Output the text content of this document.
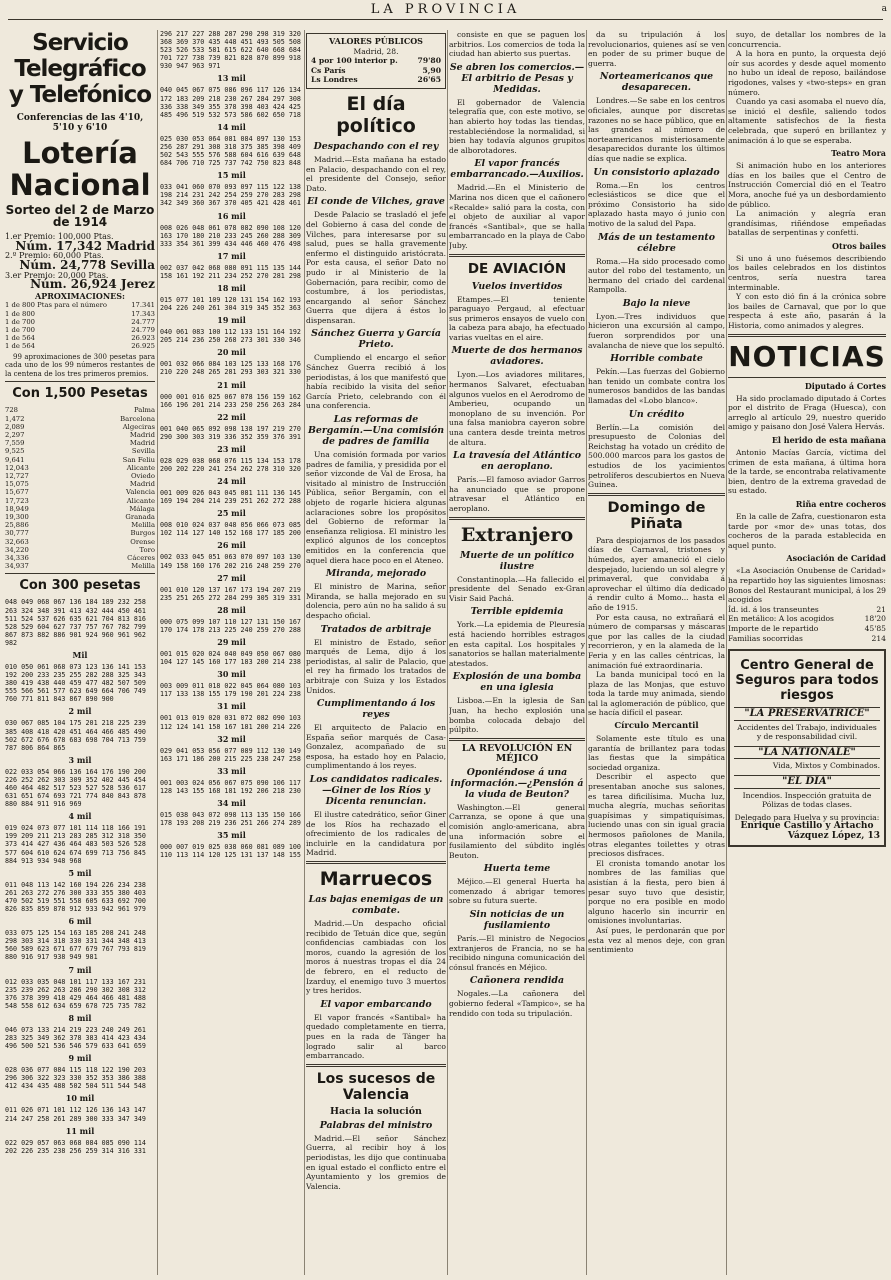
LA PROVINCIA	a
Servicio Telegráfico y Telefónico
Conferencias de las 4'10, 5'10 y 6'10
Lotería Nacional
Sorteo del 2 de Marzo de 1914
1.er Premio: 100,000 Ptas.
Núm. 17,342 Madrid
2.º Premio: 60,000 Ptas.
Núm. 24,778 Sevilla
3.er Premio: 20,000 Ptas.
Núm. 26,924 Jerez
APROXIMACIONES:
1 de 800 Ptas para el número	17.341
1 de 800	17.343
1 de 700	24.777
1 de 700	24.779
1 de 564	26.923
1 de 564	26.925

99 aproximaciones de 300 pesetas para cada uno de los 99 números restantes de la centena de los tres primeros premios.

Con 1,500 Pesetas
728	Palma
1,472	Barcelona
2,089	Algeciras
2,297	Madrid
7,559	Madrid
9,525	Sevilla
9,641	San Feliu
12,043	Alicante
12,727	Oviedo
15,075	Madrid
15,677	Valencia
17,723	Alicante
18,949	Málaga
19,300	Granada
25,886	Melilla
30,777	Burgos
32,663	Orense
34,220	Toro
34,336	Cáceres
34,937	Melilla
Con 300 pesetas
048 049 068 067 136 184 189 232 258
263 324 348 391 413 432 444 450 461
511 524 537 626 635 621 704 813 816
528 529 604 627 737 757 767 782 799
867 873 882 886 901 924 960 961 962
982
Mil
010 050 061 068 073 123 136 141 153
192 200 233 235 255 282 288 325 343
380 419 438 440 459 477 482 507 509
555 566 561 577 623 649 664 706 749
760 771 811 843 867 890 900
2 mil
030 067 085 104 175 201 218 225 239
385 408 418 420 451 464 466 485 490
502 672 676 678 683 698 704 713 759
787 806 864 865
3 mil
022 033 054 066 136 164 176 190 200
226 252 262 303 309 352 402 445 454
460 464 482 517 523 527 528 536 617
631 651 674 693 721 774 840 843 878
880 884 911 916 969
4 mil
019 024 073 077 101 114 118 166 191
199 209 211 213 283 285 312 318 350
373 414 427 436 464 483 503 526 528
577 604 610 624 674 699 713 756 845
884 913 934 948 968
5 mil
011 048 113 142 160 194 226 234 238
261 263 272 276 300 333 355 380 403
470 502 519 551 558 605 633 692 700
826 835 859 878 912 933 942 961 979
6 mil
033 075 125 154 163 185 208 241 248
298 303 314 318 330 331 344 348 413
560 589 623 671 677 679 767 793 819
880 916 917 938 949 981
7 mil
012 033 035 048 101 117 133 167 231
235 239 262 263 286 290 302 308 312
376 378 399 418 429 464 466 481 488
548 558 612 634 659 678 725 735 782
8 mil
046 073 133 214 219 223 240 249 261
283 325 349 362 378 383 414 423 434
496 500 521 536 546 579 633 641 659
9 mil
028 036 077 084 115 118 122 190 203
296 306 322 323 330 352 353 386 388
412 434 435 488 502 504 511 544 548
10 mil
011 026 071 101 112 126 136 143 147
214 247 258 261 289 300 333 347 349
11 mil
022 029 057 063 068 084 085 090 114
202 226 235 238 256 259 314 316 331
296 217 227 288 287 290 298 319 320
368 369 370 435 448 451 493 505 508
523 526 533 581 615 622 640 668 684
701 727 738 739 821 828 870 899 918
930 947 963 971
13 mil
040 045 067 075 086 096 117 126 134
172 183 209 218 230 267 284 297 308
336 338 349 355 378 398 403 424 425
485 496 519 532 573 586 602 650 718
14 mil
025 030 053 064 081 084 097 130 153
256 287 291 308 318 375 385 398 409
502 543 555 576 588 604 616 639 648
684 706 710 725 737 742 750 823 848
15 mil
033 041 060 070 093 097 115 122 138
198 214 231 242 254 259 270 283 298
342 349 360 367 370 405 421 428 461
16 mil
008 026 048 061 078 082 090 108 120
163 170 180 210 233 245 260 288 309
333 354 361 399 434 446 460 476 498
17 mil
002 037 042 068 080 091 115 135 144
158 161 192 211 234 252 270 281 298
18 mil
015 077 101 109 120 131 154 162 193
204 226 240 261 304 319 345 352 363
19 mil
040 061 083 100 112 133 151 164 192
205 214 236 250 268 273 301 330 346
20 mil
001 032 066 084 103 125 133 168 176
210 220 248 265 281 293 303 321 330
21 mil
000 001 016 025 067 078 156 159 162
166 196 201 214 233 250 256 263 284
22 mil
001 040 065 092 098 138 197 219 270
290 300 303 319 336 352 359 376 391
23 mil
028 029 038 068 076 115 134 153 178
200 202 220 241 254 262 278 310 320
24 mil
001 009 026 043 045 081 111 136 145
169 194 204 214 239 251 262 272 288
25 mil
008 010 024 037 048 056 066 073 085
102 114 127 140 152 168 177 185 200
26 mil
002 033 045 051 063 070 097 103 130
149 158 160 176 202 216 248 259 270
27 mil
001 010 120 137 167 173 194 207 219
235 251 265 272 284 299 305 319 331
28 mil
000 075 099 107 110 127 131 150 167
170 174 178 213 225 240 259 270 288
29 mil
001 015 020 024 040 049 050 067 080
104 127 145 160 177 183 200 214 238
30 mil
003 009 011 018 022 045 064 080 103
117 133 138 155 179 190 201 224 238
31 mil
001 013 019 020 031 072 082 090 103
112 124 141 158 167 181 200 214 226
32 mil
029 041 053 056 077 089 112 130 149
163 171 186 200 215 225 238 247 258
33 mil
001 003 024 056 067 075 090 106 117
128 143 155 168 181 192 206 218 230
34 mil
015 038 043 072 098 113 135 150 166
178 193 208 219 236 251 266 274 289
35 mil
000 007 019 025 038 060 081 089 100
110 113 114 120 125 131 137 148 155
VALORES PÚBLICOS
Madrid, 28.
4 por 100 interior p.	79'80
Cs París	5,90
Ls Londres	26'65
El día político
Despachando con el rey

Madrid.—Esta mañana ha estado en Palacio, despachando con el rey, el presidente del Consejo, señor Dato.

El conde de Vilches, grave

Desde Palacio se trasladó el jefe del Gobierno á casa del conde de Vilches, para interesarse por su salud, pues se halla gravemente enfermo el distinguido aristócrata. Por esta causa, el señor Dato no pudo ir al Ministerio de la Gobernación, para recibir, como de costumbre, á los periodistas, encargando al señor Sánchez Guerra que dijera á éstos lo dispensaran.

Sánchez Guerra y García Prieto.

Cumpliendo el encargo el señor Sánchez Guerra recibió á los periodistas, á los que manifestó que había recibido la visita del señor García Prieto, celebrando con él una conferencia.

Las reformas de Bergamín.—Una comisión de padres de familia

Una comisión formada por varios padres de familia, y presidida por el señor vizconde de Val de Erosa, ha visitado al ministro de Instrucción Pública, señor Bergamín, con el objeto de rogarle hiciera algunas aclaraciones sobre los propósitos del Gobierno de reformar la enseñanza religiosa. El ministro les explicó algunos de los conceptos emitidos en la conferencia que aquel diera hace poco en el Ateneo.

Miranda, mejorado

El ministro de Marina, señor Miranda, se halla mejorado en su dolencia, pero aún no ha salido á su despacho oficial.

Tratados de arbitraje

El ministro de Estado, señor marqués de Lema, dijo á los periodistas, al salir de Palacio, que el rey ha firmado los tratados de arbitraje con Suiza y los Estados Unidos.

Cumplimentando á los reyes

El arquitecto de Palacio en España señor marqués de Casa-Gonzalez, acompañado de su esposa, ha estado hoy en Palacio, cumplimentando á los reyes.

Los candidatos radicales.—Giner de los Ríos y Dicenta renuncian.

El ilustre catedrático, señor Giner de los Ríos ha rechazado el ofrecimiento de los radicales de incluirle en la candidatura por Madrid.

Marruecos
Las bajas enemigas de un combate.

Madrid.—Un despacho oficial recibido de Tetuán dice que, según confidencias cambiadas con los moros, cuando la agresión de los moros á nuestras tropas el día 24 de febrero, en el reducto de Izarduy, el enemigo tuvo 3 muertos y tres heridos.

El vapor embarcando

El vapor francés «Santibal» ha quedado completamente en tierra, pues en la rada de Tánger ha logrado salir al barco embarrancado.

Los sucesos de Valencia
Hacia la solución
Palabras del ministro

Madrid.—El señor Sánchez Guerra, al recibir hoy á los periodistas, les dijo que continuaba en igual estado el conflicto entre el Ayuntamiento y los gremios de Valencia.

consiste en que se paguen los arbitrios. Los comercios de toda la ciudad han abierto sus puertas.

Se abren los comercios.—El arbitrio de Pesas y Medidas.

El gobernador de Valencia telegrafía que, con este motivo, se han abierto hoy todas las tiendas, restableciéndose la normalidad, si bien hay todavía algunos grupitos de alborotadores.

El vapor francés embarrancado.—Auxilios.

Madrid.—En el Ministerio de Marina nos dicen que el cañonero «Recalde» salió para la costa, con el objeto de auxiliar al vapor francés «Santibal», que se halla embarrancado en la playa de Cabo Juby.

DE AVIACIÓN
Vuelos invertidos

Etampes.—El teniente paraguayo Pergaud, al efectuar sus primeros ensayos de vuelo con la cabeza para abajo, ha efectuado varias vueltas en el aire.

Muerte de dos hermanos aviadores.

Lyon.—Los aviadores militares, hermanos Salvaret, efectuaban algunos vuelos en el Aerodromo de Amberieu, ocupando un monoplano de su invención. Por una falsa maniobra cayeron sobre una cantera desde treinta metros de altura.

La travesía del Atlántico en aeroplano.

París.—El famoso aviador Garros ha anunciado que se propone atravesar el Atlántico en aeroplano.

Extranjero
Muerte de un político ilustre

Constantinopla.—Ha fallecido el presidente del Senado ex-Gran Visir Said Pachá.

Terrible epidemia

York.—La epidemia de Pleuresía está haciendo horribles estragos en esta capital. Los hospitales y sanatorios se hallan materialmente atestados.

Explosión de una bomba en una iglesia

Lisboa.—En la iglesia de San Juan, ha hecho explosión una bomba colocada debajo del púlpito.

LA REVOLUCIÓN EN MÉJICO
Oponiéndose á una información.—¿Pensión á la viuda de Beuton?

Washington.—El general Carranza, se opone á que una comisión anglo-americana, abra una información sobre el fusilamiento del súbdito inglés Beuton.

Huerta teme

Méjico.—El general Huerta ha comenzado á abrigar temores sobre su futura suerte.

Sin noticias de un fusilamiento

París.—El ministro de Negocios extranjeros de Francia, no se ha recibido ninguna comunicación del cónsul francés en Méjico.

Cañonera rendida

Nogales.—La cañonera del gobierno federal «Tampico», se ha rendido con toda su tripulación.

da su tripulación á los revolucionarios, quienes así se ven en poder de su primer buque de guerra.

Norteamericanos que desaparecen.

Londres.—Se sabe en los centros oficiales, aunque por discretas razones no se hace público, que en las grandes al número de norteamericanos misteriosamente desaparecidos durante los últimos días que nadie se explica.

Un consistorio aplazado

Roma.—En los centros eclesiásticos se dice que el próximo Consistorio ha sido aplazado hasta mayo ó junio con motivo de la salud del Papa.

Más de un testamento célebre

Roma.—Ha sido procesado como autor del robo del testamento, un hermano del criado del cardenal Rampolla.

Bajo la nieve

Lyon.—Tres individuos que hicieron una excursión al campo, fueron sorprendidos por una avalancha de nieve que los sepultó.

Horrible combate

Pekín.—Las fuerzas del Gobierno han tenido un combate contra los numerosos bandidos de las bandas llamadas del «Lobo blanco».

Un crédito

Berlín.—La comisión del presupuesto de Colonias del Reichstag ha votado un crédito de 500.000 marcos para los gastos de estudios de los yacimientos petrolíferos descubiertos en Nueva Guinea.

Domingo de Piñata

Para despiojarnos de los pasados días de Carnaval, tristones y húmedos, ayer amaneció el cielo despejado, luciendo un sol alegre y primaveral, que convidaba á aprovechar el último día dedicado á rendir culto á Momo... hasta el año de 1915.

Por esta causa, no extrañará el número de comparsas y máscaras que por las calles de la ciudad recorrieron, y en la alameda de la Feria y en las calles céntricas, la animación fué extraordinaria.

La banda municipal tocó en la plaza de las Monjas, que estuvo toda la tarde muy animada, siendo tal la aglomeración de público, que se hacía difícil el pasear.

Círculo Mercantil

Solamente este título es una garantía de brillantez para todas las fiestas que la simpática sociedad organiza.

Describir el aspecto que presentaban anoche sus salones, es tarea dificilísima. Mucha luz, mucha alegría, muchas señoritas guapísimas y simpatiquísimas, luciendo unas con sin igual gracia hermosos pañolones de Manila, otras elegantes toilettes y otras preciosos disfraces.

El cronista tomando anotar los nombres de las familias que asistían á la fiesta, pero bien á pesar suyo tuvo que desistir, porque no era posible en modo alguno hacerlo sin incurrir en omisiones involuntarias.

Así pues, le perdonarán que por esta vez al menos deje, con gran sentimiento

suyo, de detallar los nombres de la concurrencia.

A la hora en punto, la orquesta dejó oír sus acordes y desde aquel momento no hubo un ideal de reposo, bailándose rigodones, valses y «two-steps» en gran número.

Cuando ya casi asomaba el nuevo día, se inició el desfile, saliendo todos altamente satisfechos de la fiesta celebrada, que superó en brillantez y animación á lo que se esperaba.

Teatro Mora

Si animación hubo en los anteriores días en los bailes que el Centro de Instrucción Comercial dió en el Teatro Mora, anoche fué ya un desbordamiento de público.

La animación y alegría eran grandísimas, riñéndose empeñadas batallas de serpentinas y confetti.

Otros bailes

Si uno á uno fuésemos describiendo los bailes celebrados en los distintos centros, sería nuestra tarea interminable.

Y con esto dió fin á la crónica sobre los bailes de Carnaval, que por lo que respecta á este año, pasarán á la Historia, como animados y alegres.

NOTICIAS
Diputado á Cortes

Ha sido proclamado diputado á Cortes por el distrito de Fraga (Huesca), con arreglo al artículo 29, nuestro querido amigo y paisano don José Valera Hervás.

El herido de esta mañana

Antonio Macías García, víctima del crimen de esta mañana, á última hora de la tarde, se encontraba relativamente bien, dentro de la extrema gravedad de su estado.

Riña entre cocheros

En la calle de Zafra, cuestionaron esta tarde por «mor de» unas totas, dos cocheros de la parada establecida en aquel punto.

Asociación de Caridad

«La Asociación Onubense de Caridad» ha repartido hoy las siguientes limosnas:

Bonos del Restaurant municipal, á los acogidos
29
Íd. id. á los transeuntes	21
En metálico: A los acogidos	18'20
Importe de le repartido	45'85
Familias socorridas	214
Centro General de Seguros para todos riesgos
"LA PRESERVATRICE"
Accidentes del Trabajo, individuales y de responsabilidad civil.
"LA NATIONALE"
Vida, Mixtos y Combinados.
"EL DIA"
Incendios. Inspección gratuita de Pólizas de todas clases.
Delegado para Huelva y su provincia:
Enrique Castillo y Artacho
Vázquez López, 13
